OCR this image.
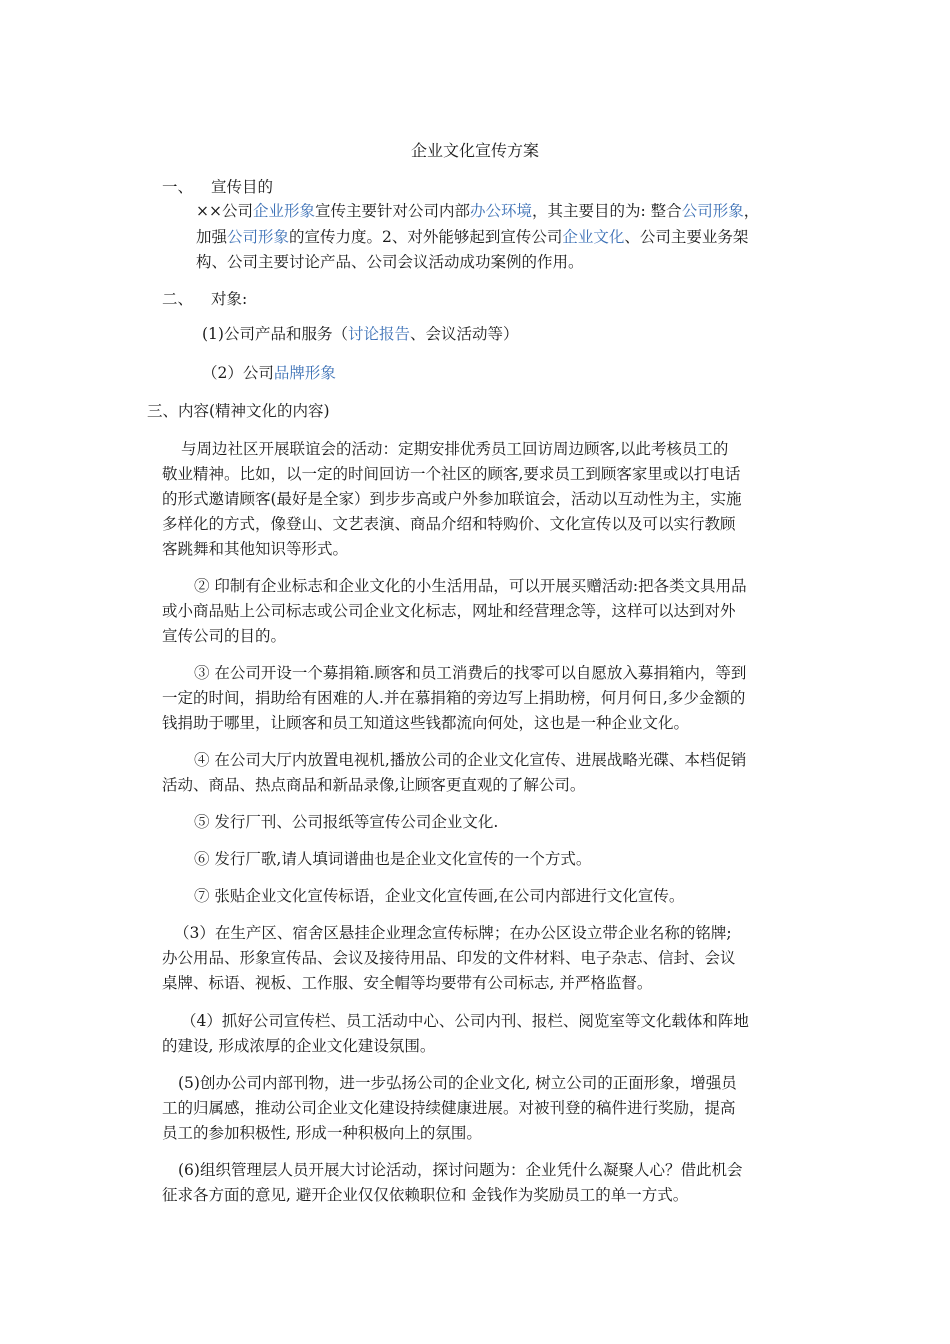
企业文化宣传方案
一、 宣传目的
××公司企业形象宣传主要针对公司内部办公环境，其主要目的为: 整合公司形象，
加强公司形象的宣传力度。2、对外能够起到宣传公司企业文化、公司主要业务架
构、公司主要讨论产品、公司会议活动成功案例的作用。
二、 对象:
(1)公司产品和服务（讨论报告、会议活动等）
（2）公司品牌形象
三、内容(精神文化的内容)
与周边社区开展联谊会的活动：定期安排优秀员工回访周边顾客,以此考核员工的
敬业精神。比如，以一定的时间回访一个社区的顾客,要求员工到顾客家里或以打电话
的形式邀请顾客(最好是全家）到步步高或户外参加联谊会，活动以互动性为主，实施
多样化的方式，像登山、文艺表演、商品介绍和特购价、文化宣传以及可以实行教顾
客跳舞和其他知识等形式。
② 印制有企业标志和企业文化的小生活用品，可以开展买赠活动:把各类文具用品
或小商品贴上公司标志或公司企业文化标志，网址和经营理念等，这样可以达到对外
宣传公司的目的。
③ 在公司开设一个募捐箱.顾客和员工消费后的找零可以自愿放入募捐箱内，等到
一定的时间，捐助给有困难的人.并在慕捐箱的旁边写上捐助榜，何月何日,多少金额的
钱捐助于哪里，让顾客和员工知道这些钱都流向何处，这也是一种企业文化。
④ 在公司大厅内放置电视机,播放公司的企业文化宣传、进展战略光碟、本档促销
活动、商品、热点商品和新品录像,让顾客更直观的了解公司。
⑤ 发行厂刊、公司报纸等宣传公司企业文化.
⑥ 发行厂歌,请人填词谱曲也是企业文化宣传的一个方式。
⑦ 张贴企业文化宣传标语，企业文化宣传画,在公司内部进行文化宣传。
（3）在生产区、宿舍区悬挂企业理念宣传标牌；在办公区设立带企业名称的铭牌;
办公用品、形象宣传品、会议及接待用品、印发的文件材料、电子杂志、信封、会议
桌牌、标语、视板、工作服、安全帽等均要带有公司标志, 并严格监督。
（4）抓好公司宣传栏、员工活动中心、公司内刊、报栏、阅览室等文化载体和阵地
的建设, 形成浓厚的企业文化建设氛围。
(5)创办公司内部刊物，进一步弘扬公司的企业文化, 树立公司的正面形象，增强员
工的归属感，推动公司企业文化建设持续健康进展。对被刊登的稿件进行奖励，提高
员工的参加积极性, 形成一种积极向上的氛围。
(6)组织管理层人员开展大讨论活动，探讨问题为：企业凭什么凝聚人心？借此机会
征求各方面的意见, 避开企业仅仅依赖职位和 金钱作为奖励员工的单一方式。
